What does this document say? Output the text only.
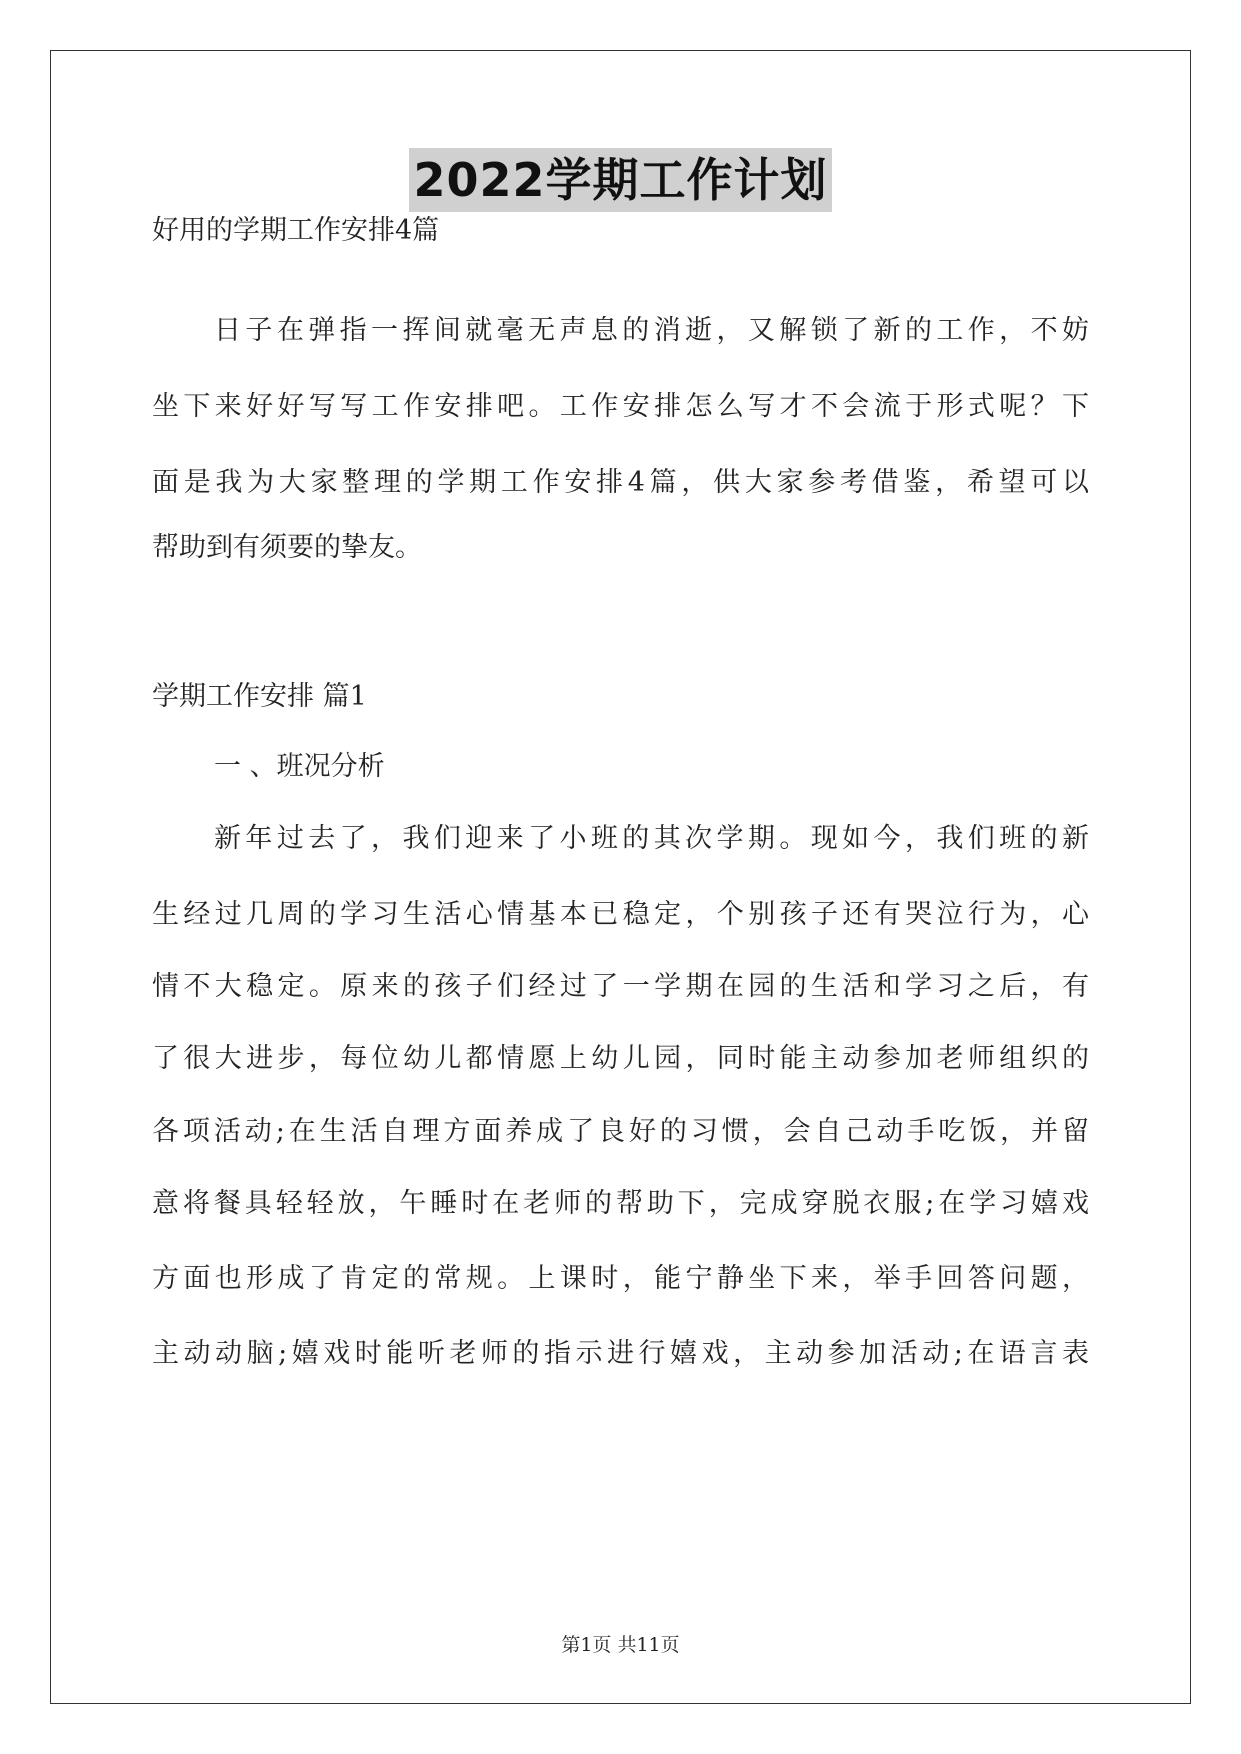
2022学期工作计划
好用的学期工作安排4篇
日子在弹指一挥间就毫无声息的消逝，又解锁了新的工作，不妨
坐下来好好写写工作安排吧。工作安排怎么写才不会流于形式呢？下
面是我为大家整理的学期工作安排4篇，供大家参考借鉴，希望可以
帮助到有须要的挚友。
学期工作安排 篇1
一 、班况分析
新年过去了，我们迎来了小班的其次学期。现如今，我们班的新
生经过几周的学习生活心情基本已稳定，个别孩子还有哭泣行为，心
情不大稳定。原来的孩子们经过了一学期在园的生活和学习之后，有
了很大进步，每位幼儿都情愿上幼儿园，同时能主动参加老师组织的
各项活动;在生活自理方面养成了良好的习惯，会自己动手吃饭，并留
意将餐具轻轻放，午睡时在老师的帮助下，完成穿脱衣服;在学习嬉戏
方面也形成了肯定的常规。上课时，能宁静坐下来，举手回答问题，
主动动脑;嬉戏时能听老师的指示进行嬉戏，主动参加活动;在语言表
第1页 共11页
